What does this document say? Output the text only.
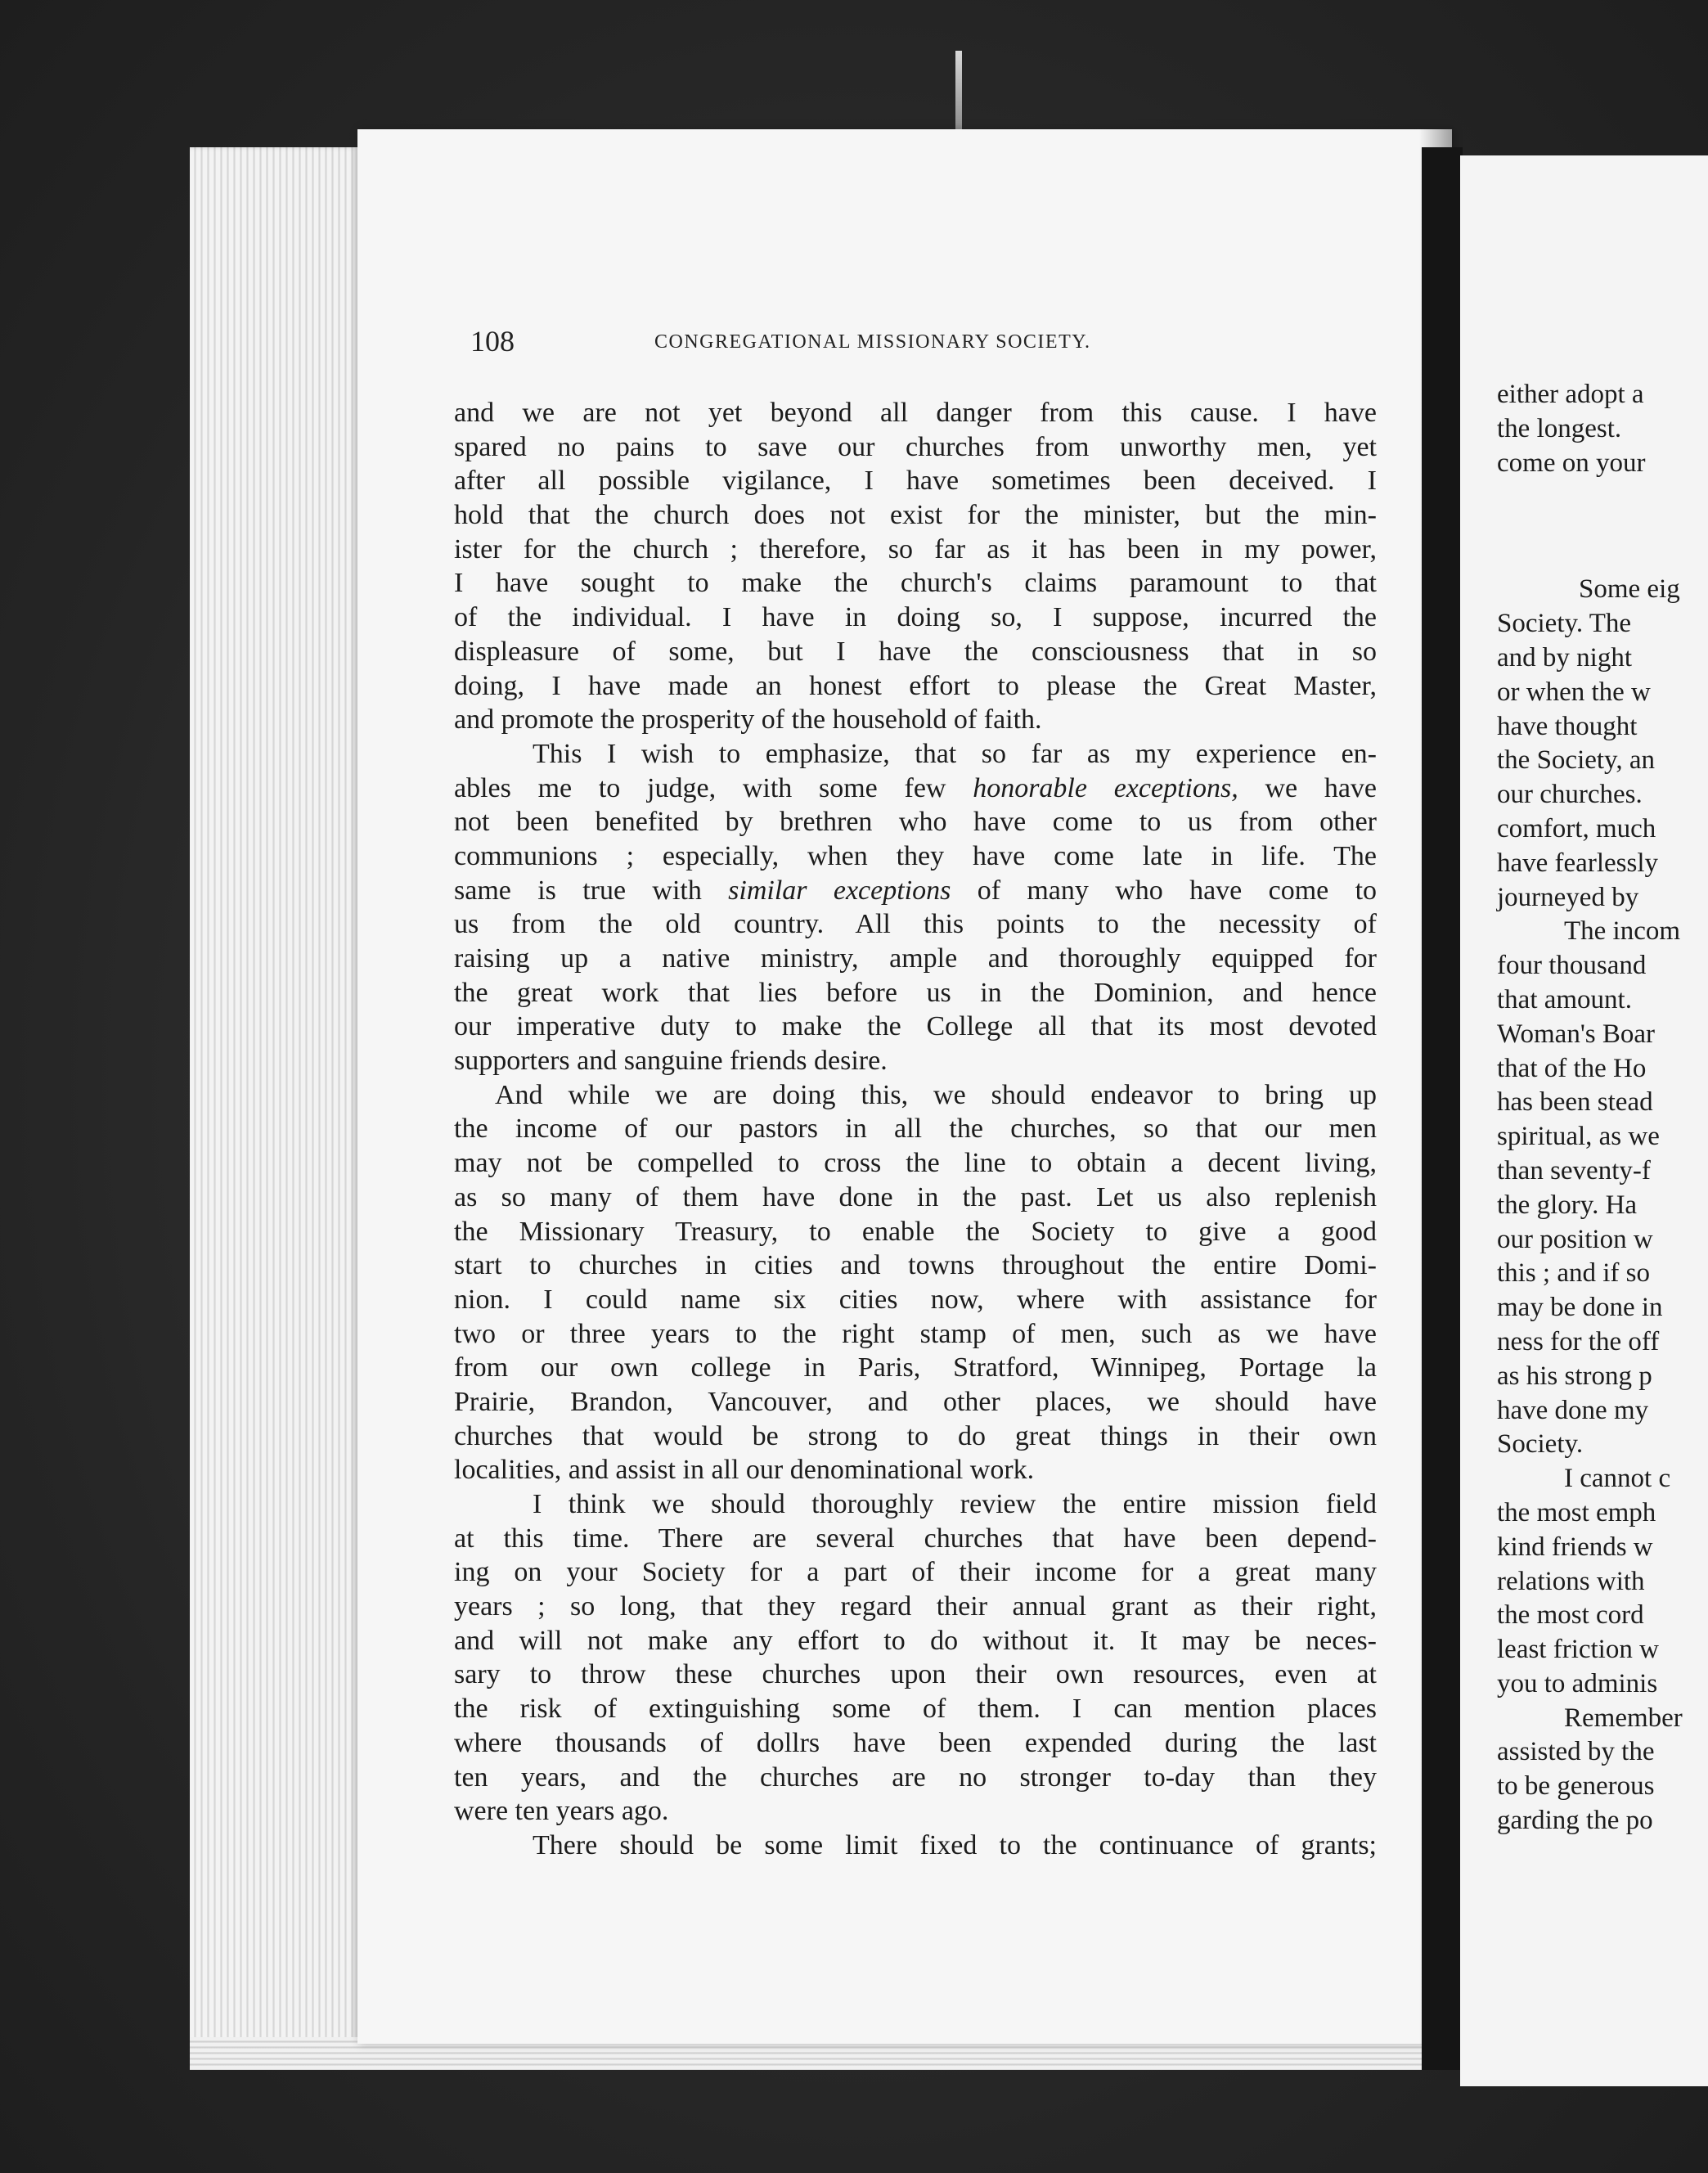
108	CONGREGATIONAL MISSIONARY SOCIETY.
and we are not yet beyond all danger from this cause. I have
spared no pains to save our churches from unworthy men, yet
after all possible vigilance, I have sometimes been deceived. I
hold that the church does not exist for the minister, but the min-
ister for the church ; therefore, so far as it has been in my power,
I have sought to make the church's claims paramount to that
of the individual. I have in doing so, I suppose, incurred the
displeasure of some, but I have the consciousness that in so
doing, I have made an honest effort to please the Great Master,
and promote the prosperity of the household of faith.
This I wish to emphasize, that so far as my experience en-
ables me to judge, with some few honorable exceptions, we have
not been benefited by brethren who have come to us from other
communions ; especially, when they have come late in life. The
same is true with similar exceptions of many who have come to
us from the old country. All this points to the necessity of
raising up a native ministry, ample and thoroughly equipped for
the great work that lies before us in the Dominion, and hence
our imperative duty to make the College all that its most devoted
supporters and sanguine friends desire.
And while we are doing this, we should endeavor to bring up
the income of our pastors in all the churches, so that our men
may not be compelled to cross the line to obtain a decent living,
as so many of them have done in the past. Let us also replenish
the Missionary Treasury, to enable the Society to give a good
start to churches in cities and towns throughout the entire Domi-
nion. I could name six cities now, where with assistance for
two or three years to the right stamp of men, such as we have
from our own college in Paris, Stratford, Winnipeg, Portage la
Prairie, Brandon, Vancouver, and other places, we should have
churches that would be strong to do great things in their own
localities, and assist in all our denominational work.
I think we should thoroughly review the entire mission field
at this time. There are several churches that have been depend-
ing on your Society for a part of their income for a great many
years ; so long, that they regard their annual grant as their right,
and will not make any effort to do without it. It may be neces-
sary to throw these churches upon their own resources, even at
the risk of extinguishing some of them. I can mention places
where thousands of dollrs have been expended during the last
ten years, and the churches are no stronger to-day than they
were ten years ago.
There should be some limit fixed to the continuance of grants;
either adopt a
the longest.
come on your
Some eig
Society. The
and by night
or when the w
have thought
the Society, an
our churches.
comfort, much
have fearlessly
journeyed by
The incom
four thousand
that amount.
Woman's Boar
that of the Ho
has been stead
spiritual, as we
than seventy-f
the glory. Ha
our position w
this ; and if so
may be done in
ness for the off
as his strong p
have done my
Society.
I cannot c
the most emph
kind friends w
relations with
the most cord
least friction w
you to adminis
Remember
assisted by the
to be generous
garding the po
